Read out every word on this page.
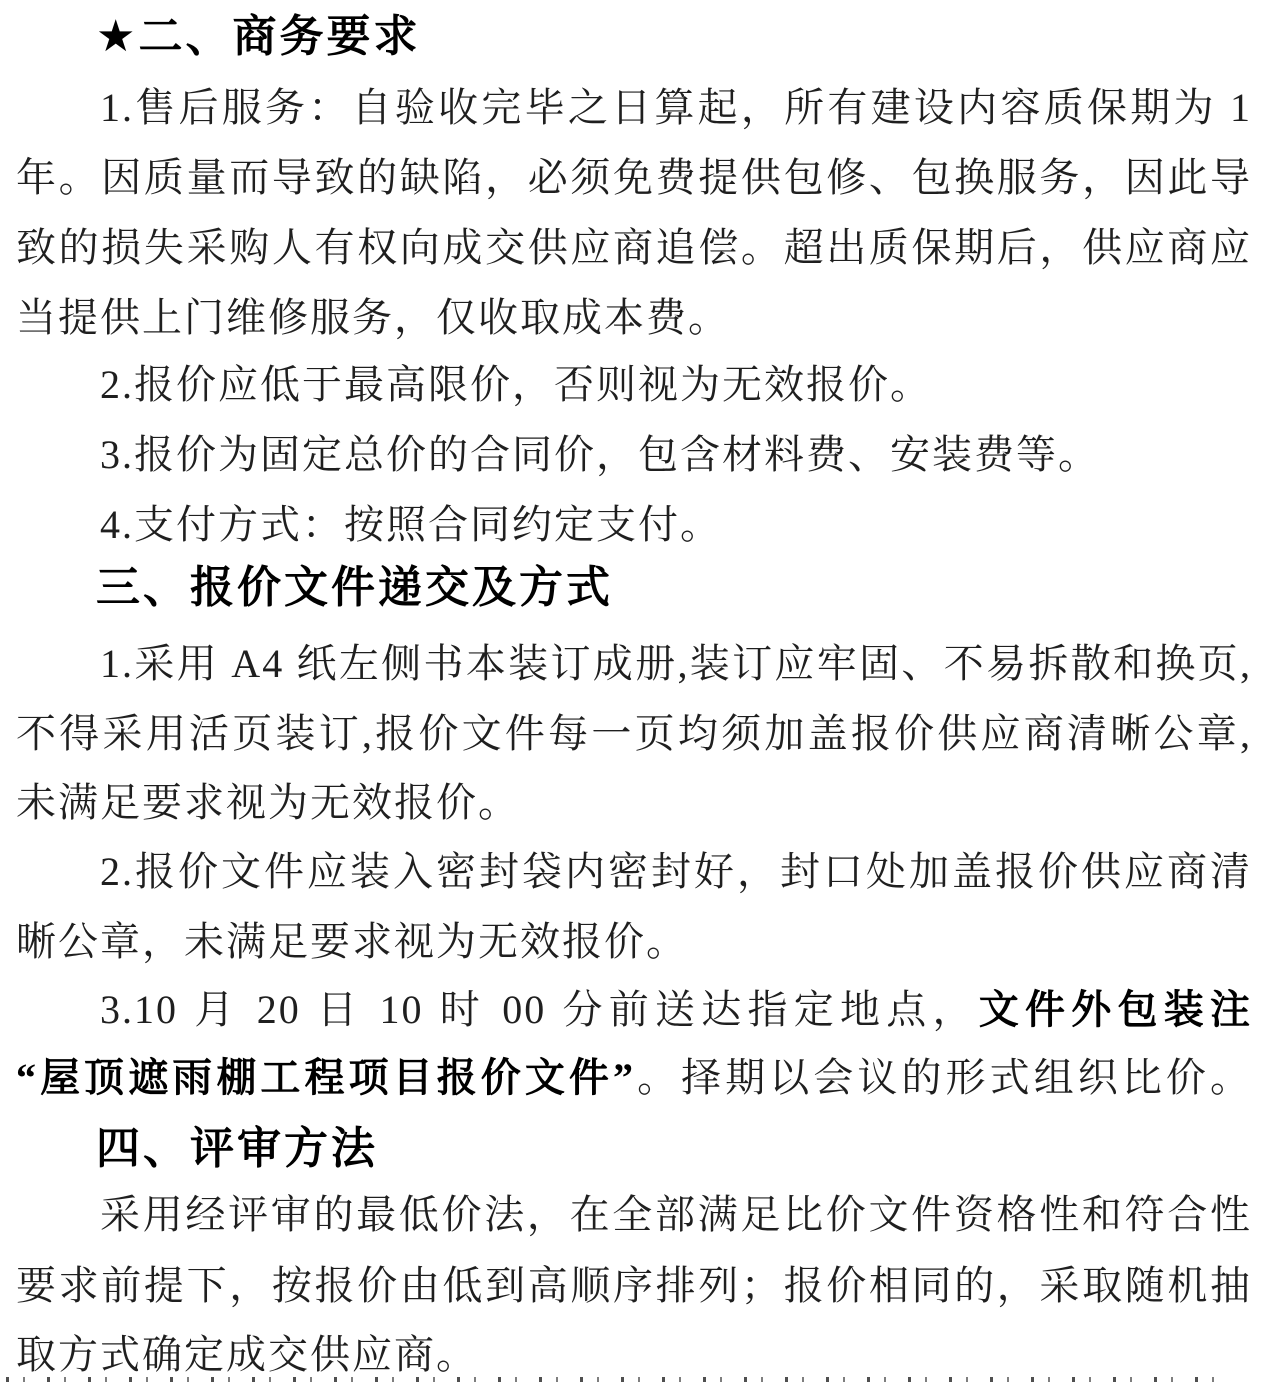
★二、商务要求
1.售后服务：自验收完毕之日算起，所有建设内容质保期为 1
年。因质量而导致的缺陷，必须免费提供包修、包换服务，因此导
致的损失采购人有权向成交供应商追偿。超出质保期后，供应商应
当提供上门维修服务，仅收取成本费。
2.报价应低于最高限价，否则视为无效报价。
3.报价为固定总价的合同价，包含材料费、安装费等。
4.支付方式：按照合同约定支付。
三、报价文件递交及方式
1.采用 A4 纸左侧书本装订成册,装订应牢固、不易拆散和换页,
不得采用活页装订,报价文件每一页均须加盖报价供应商清晰公章,
未满足要求视为无效报价。
2.报价文件应装入密封袋内密封好，封口处加盖报价供应商清
晰公章，未满足要求视为无效报价。
3.10 月 20 日 10 时 00 分前送达指定地点，文件外包装注
“屋顶遮雨棚工程项目报价文件”。择期以会议的形式组织比价。
四、评审方法
采用经评审的最低价法，在全部满足比价文件资格性和符合性
要求前提下，按报价由低到高顺序排列；报价相同的，采取随机抽
取方式确定成交供应商。
